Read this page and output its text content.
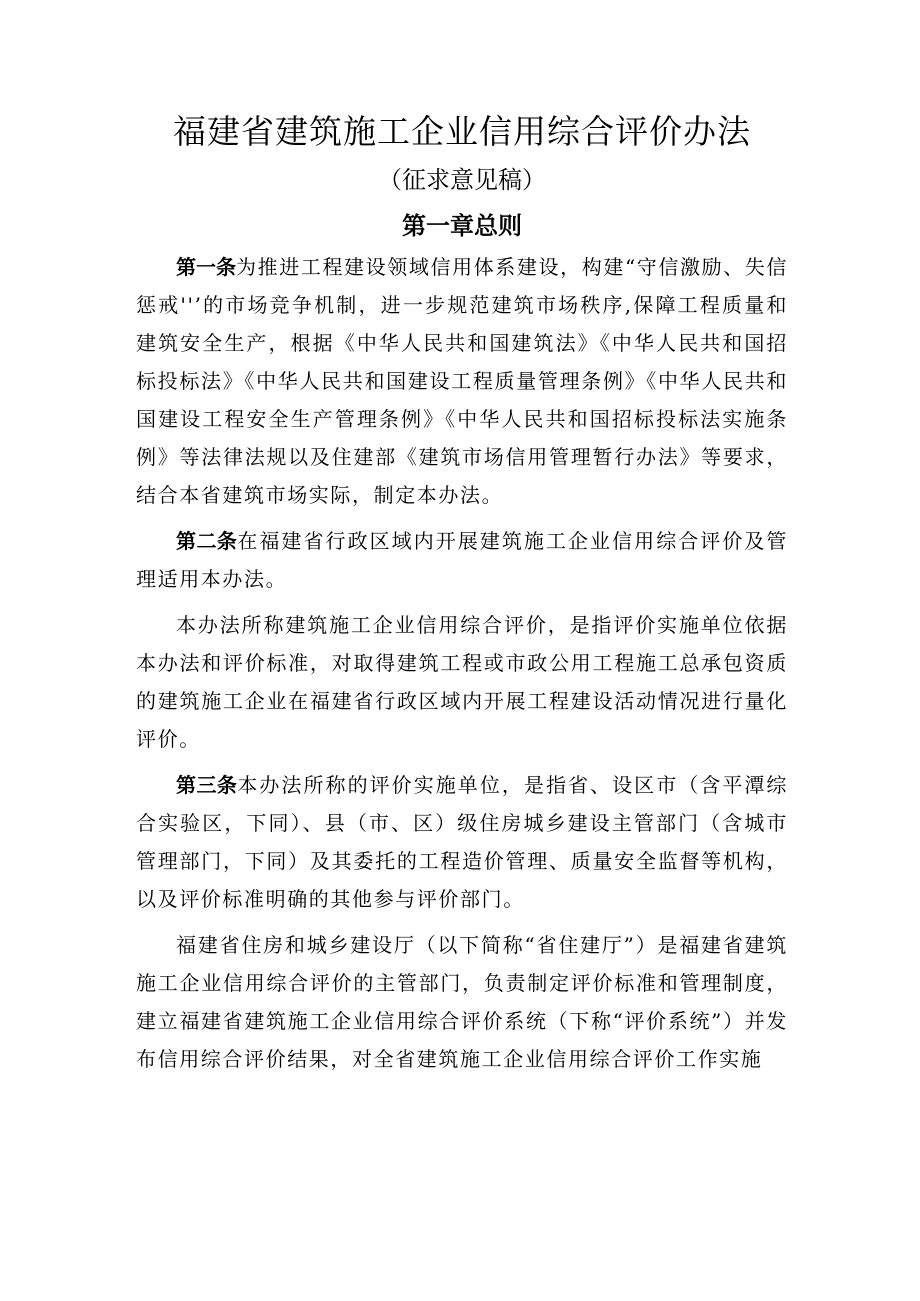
福建省建筑施工企业信用综合评价办法
（征求意见稿）
第一章总则

第一条为推进工程建设领域信用体系建设，构建“守信激励、失信惩戒''’的市场竞争机制，进一步规范建筑市场秩序,保障工程质量和建筑安全生产，根据《中华人民共和国建筑法》《中华人民共和国招标投标法》《中华人民共和国建设工程质量管理条例》《中华人民共和国建设工程安全生产管理条例》《中华人民共和国招标投标法实施条例》等法律法规以及住建部《建筑市场信用管理暂行办法》等要求，结合本省建筑市场实际，制定本办法。

第二条在福建省行政区域内开展建筑施工企业信用综合评价及管理适用本办法。

本办法所称建筑施工企业信用综合评价，是指评价实施单位依据本办法和评价标准，对取得建筑工程或市政公用工程施工总承包资质的建筑施工企业在福建省行政区域内开展工程建设活动情况进行量化评价。

第三条本办法所称的评价实施单位，是指省、设区市（含平潭综合实验区，下同）、县（市、区）级住房城乡建设主管部门（含城市管理部门，下同）及其委托的工程造价管理、质量安全监督等机构，以及评价标准明确的其他参与评价部门。

福建省住房和城乡建设厅（以下简称“省住建厅”）是福建省建筑施工企业信用综合评价的主管部门，负责制定评价标准和管理制度，建立福建省建筑施工企业信用综合评价系统（下称“评价系统”）并发布信用综合评价结果，对全省建筑施工企业信用综合评价工作实施
